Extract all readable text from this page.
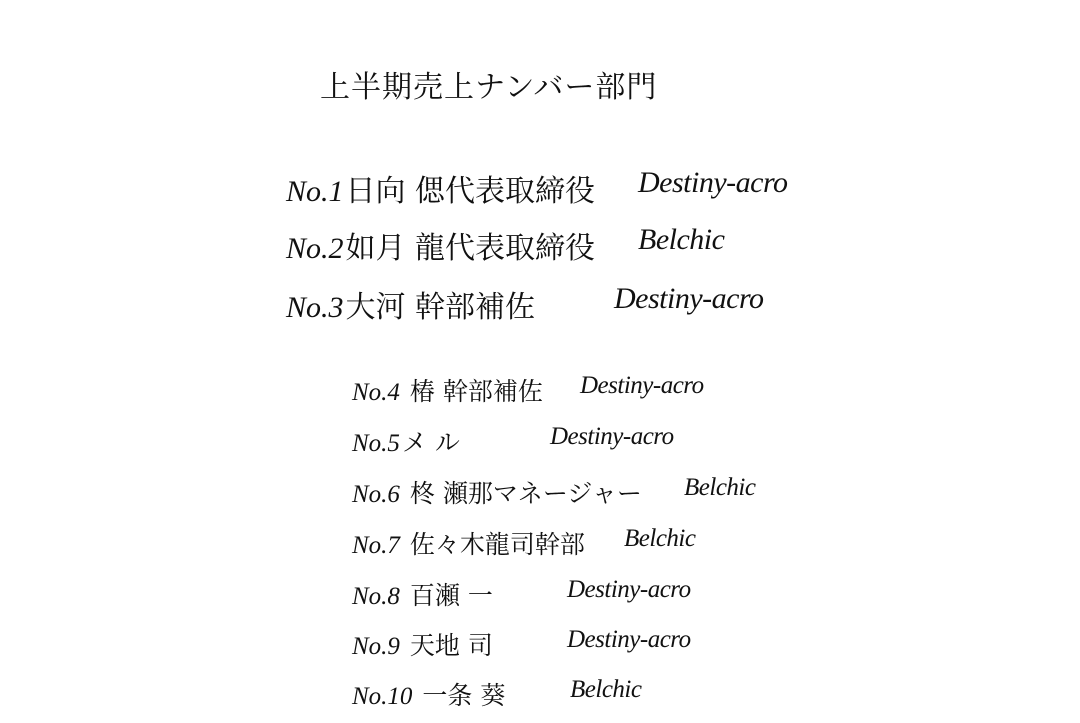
上半期売上ナンバー部門
No.1日向 偲代表取締役 Destiny-acro
No.2如月 龍代表取締役 Belchic
No.3大河 幹部補佐	Destiny-acro
No.4 椿 幹部補佐 Destiny-acro
No.5メ ル	Destiny-acro
No.6 柊 瀬那マネージャー Belchic
No.7 佐々木龍司幹部 Belchic
No.8 百瀬 一	Destiny-acro
No.9 天地 司	Destiny-acro
No.10 一条 葵	Belchic
